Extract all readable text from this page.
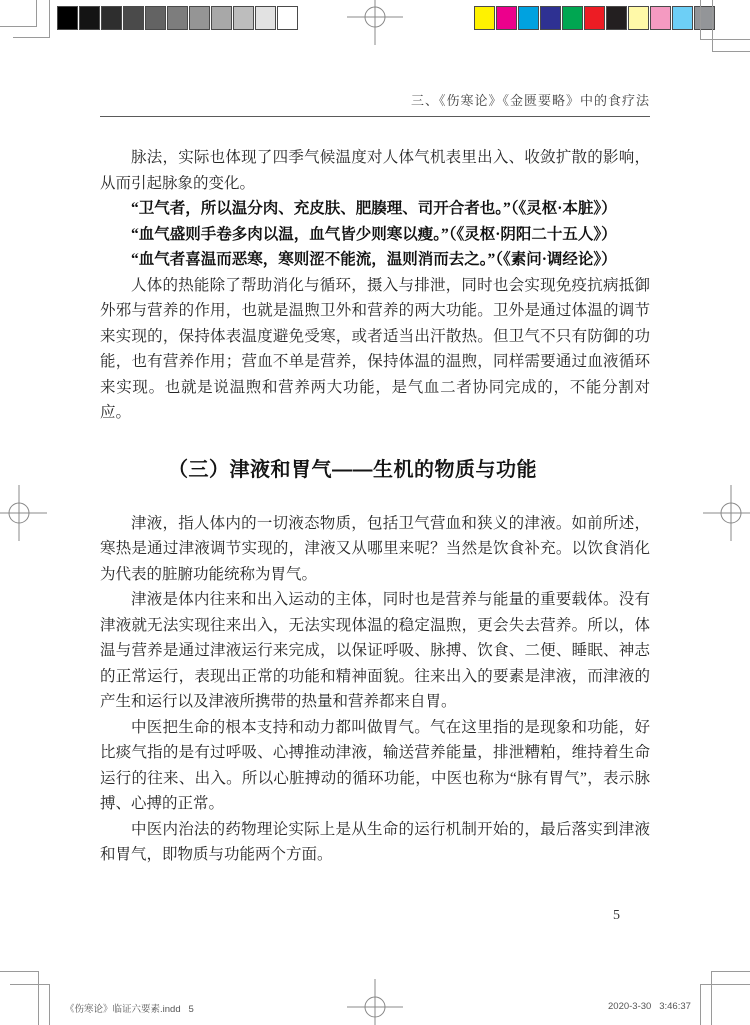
三、《伤寒论》《金匮要略》中的食疗法

脉法，实际也体现了四季气候温度对人体气机表里出入、收敛扩散的影响，从而引起脉象的变化。

“卫气者，所以温分肉、充皮肤、肥腠理、司开合者也。”（《灵枢·本脏》）

“血气盛则手卷多肉以温，血气皆少则寒以瘦。”（《灵枢·阴阳二十五人》）

“血气者喜温而恶寒，寒则涩不能流，温则消而去之。”（《素问·调经论》）

人体的热能除了帮助消化与循环，摄入与排泄，同时也会实现免疫抗病抵御外邪与营养的作用，也就是温煦卫外和营养的两大功能。卫外是通过体温的调节来实现的，保持体表温度避免受寒，或者适当出汗散热。但卫气不只有防御的功能，也有营养作用；营血不单是营养，保持体温的温煦，同样需要通过血液循环来实现。也就是说温煦和营养两大功能，是气血二者协同完成的，不能分割对应。

（三）津液和胃气——生机的物质与功能

津液，指人体内的一切液态物质，包括卫气营血和狭义的津液。如前所述，寒热是通过津液调节实现的，津液又从哪里来呢？当然是饮食补充。以饮食消化为代表的脏腑功能统称为胃气。

津液是体内往来和出入运动的主体，同时也是营养与能量的重要载体。没有津液就无法实现往来出入，无法实现体温的稳定温煦，更会失去营养。所以，体温与营养是通过津液运行来完成，以保证呼吸、脉搏、饮食、二便、睡眠、神志的正常运行，表现出正常的功能和精神面貌。往来出入的要素是津液，而津液的产生和运行以及津液所携带的热量和营养都来自胃。

中医把生命的根本支持和动力都叫做胃气。气在这里指的是现象和功能，好比痰气指的是有过呼吸、心搏推动津液，输送营养能量，排泄糟粕，维持着生命运行的往来、出入。所以心脏搏动的循环功能，中医也称为“脉有胃气”，表示脉搏、心搏的正常。

中医内治法的药物理论实际上是从生命的运行机制开始的，最后落实到津液和胃气，即物质与功能两个方面。

5
《伤寒论》临证六要素.indd   5	2020-3-30   3:46:37
